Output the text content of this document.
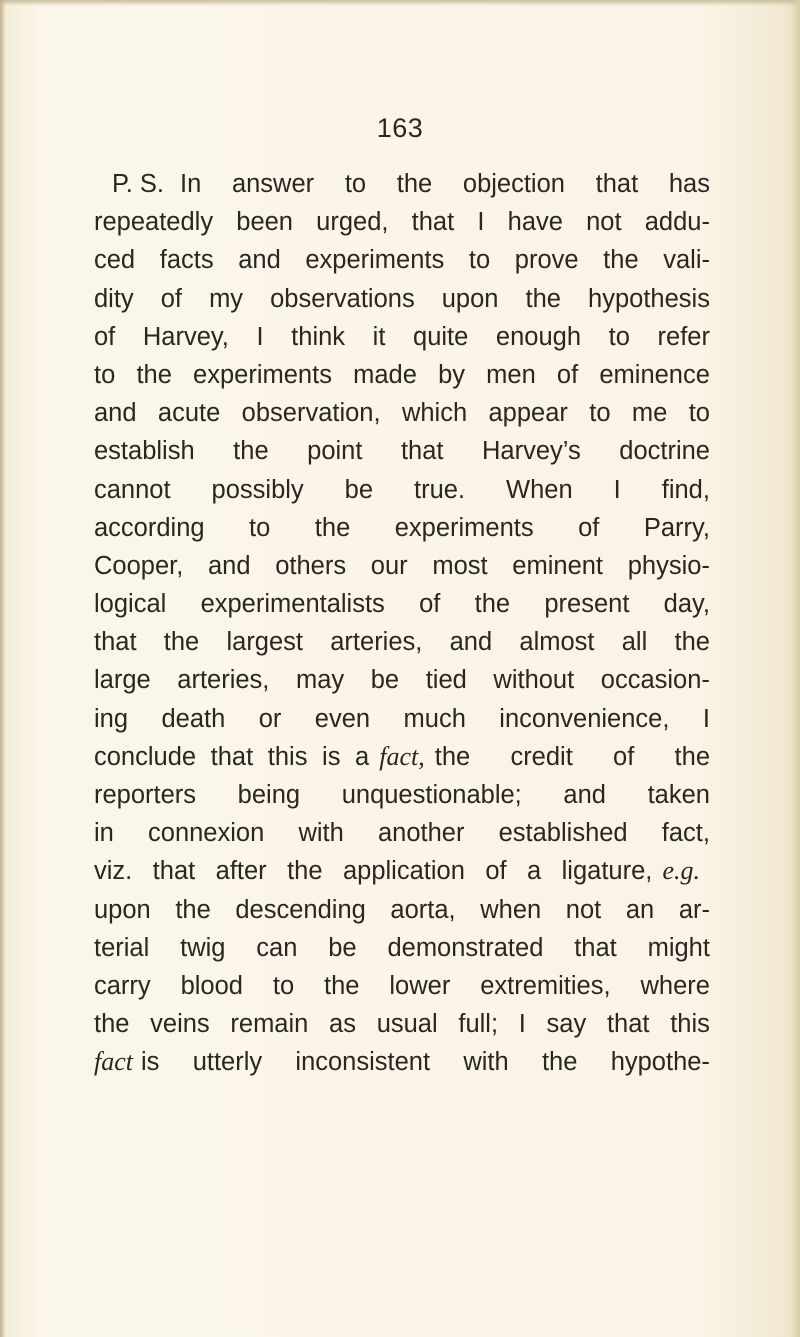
163
P. S. In answer to the objection that has
repeatedly been urged, that I have not addu-
ced facts and experiments to prove the vali-
dity of my observations upon the hypothesis
of Harvey, I think it quite enough to refer
to the experiments made by men of eminence
and acute observation, which appear to me to
establish the point that Harvey’s doctrine
cannot possibly be true. When I find,
according to the experiments of Parry,
Cooper, and others our most eminent physio-
logical experimentalists of the present day,
that the largest arteries, and almost all the
large arteries, may be tied without occasion-
ing death or even much inconvenience, I
conclude that this is a fact, the credit of the
reporters being unquestionable; and taken
in connexion with another established fact,
viz. that after the application of a ligature, e.g.
upon the descending aorta, when not an ar-
terial twig can be demonstrated that might
carry blood to the lower extremities, where
the veins remain as usual full; I say that this
fact is utterly inconsistent with the hypothe-
